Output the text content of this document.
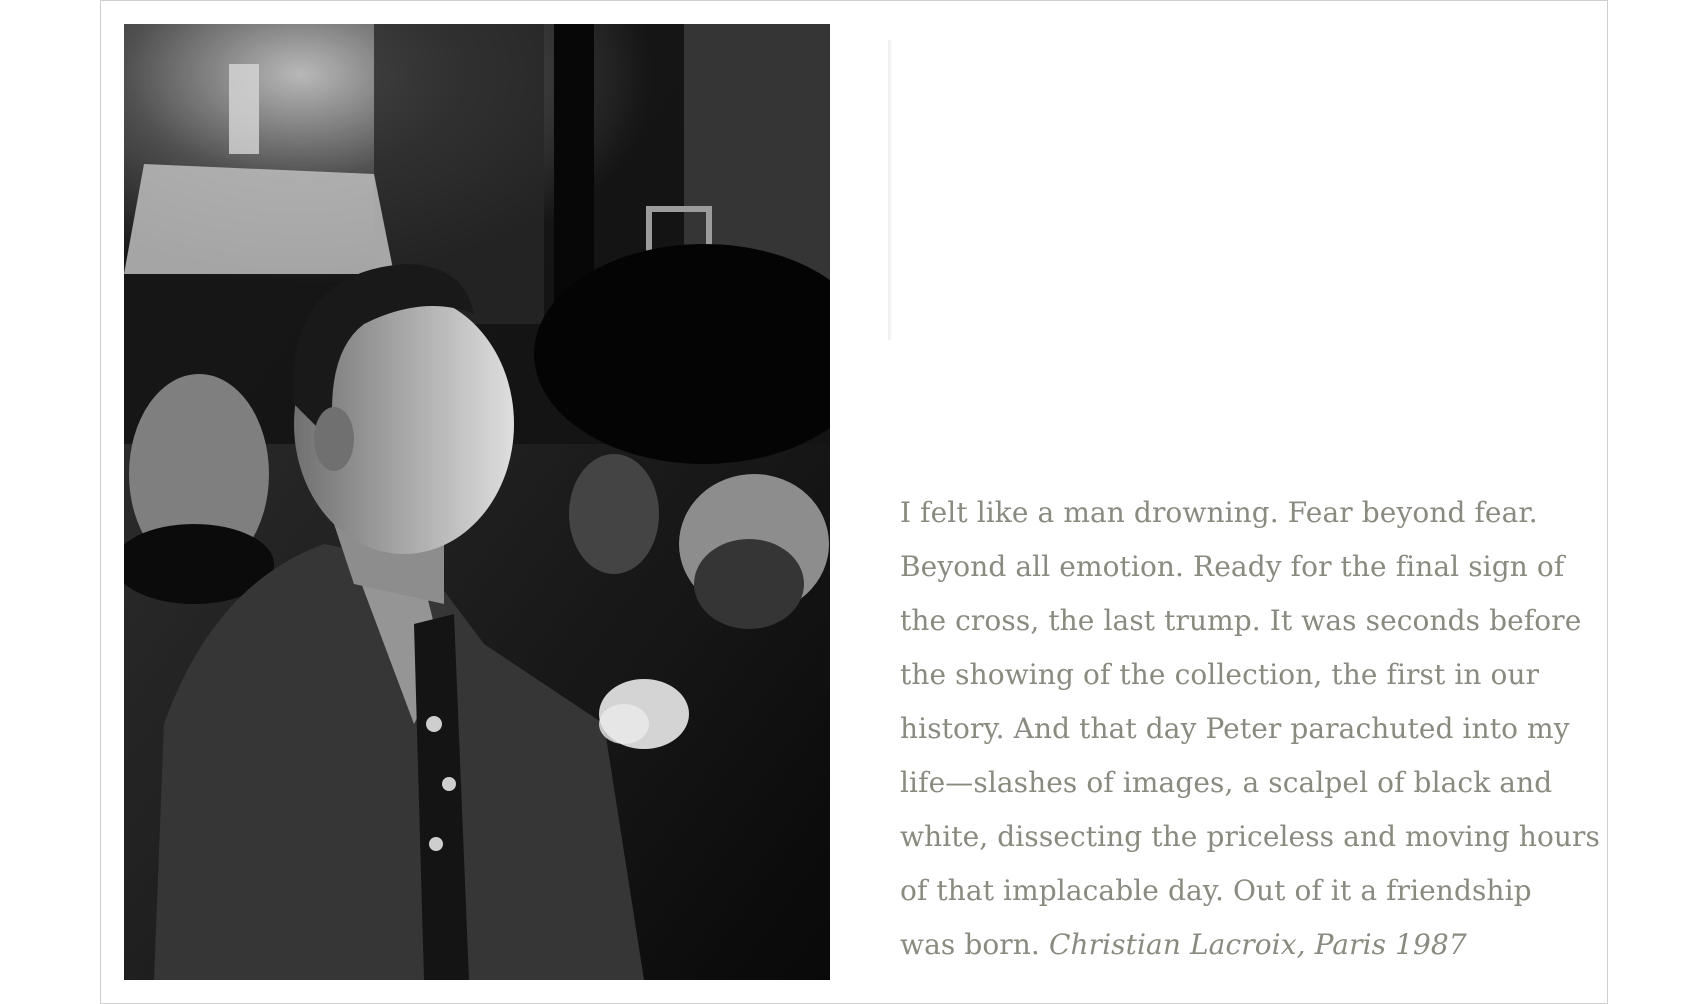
I felt like a man drowning. Fear beyond fear.
Beyond all emotion. Ready for the final sign of
the cross, the last trump. It was seconds before
the showing of the collection, the first in our
history. And that day Peter parachuted into my
life—slashes of images, a scalpel of black and
white, dissecting the priceless and moving hours
of that implacable day. Out of it a friendship
was born. Christian Lacroix, Paris 1987
